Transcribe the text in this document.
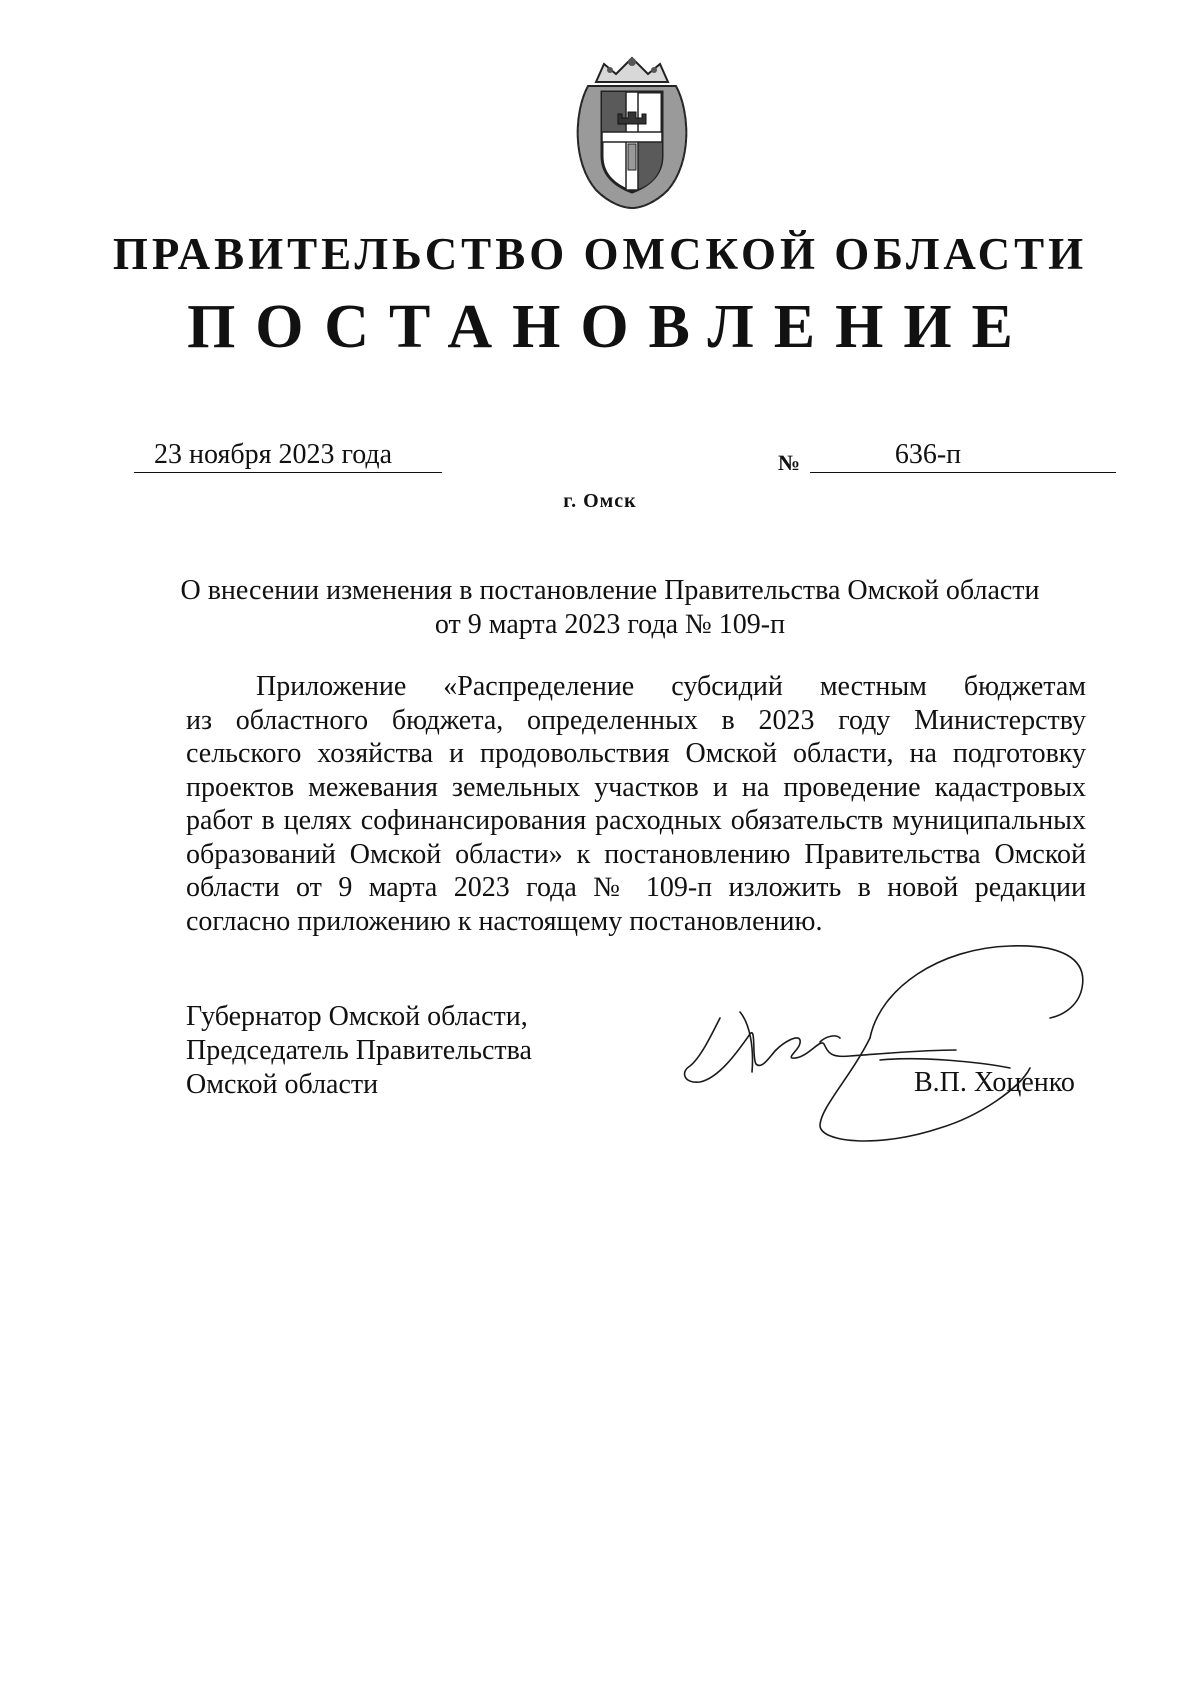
ПРАВИТЕЛЬСТВО ОМСКОЙ ОБЛАСТИ
ПОСТАНОВЛЕНИЕ
23 ноября 2023 года	№	636-п
г. Омск
О внесении изменения в постановление Правительства Омской области
от 9 марта 2023 года № 109-п
Приложение «Распределение субсидий местным бюджетам
из областного бюджета, определенных в 2023 году Министерству
сельского хозяйства и продовольствия Омской области, на подготовку
проектов межевания земельных участков и на проведение кадастровых
работ в целях софинансирования расходных обязательств муниципальных
образований Омской области» к постановлению Правительства Омской
области от 9 марта 2023 года № 109-п изложить в новой редакции
согласно приложению к настоящему постановлению.
Губернатор Омской области,
Председатель Правительства
Омской области	В.П. Хоценко
